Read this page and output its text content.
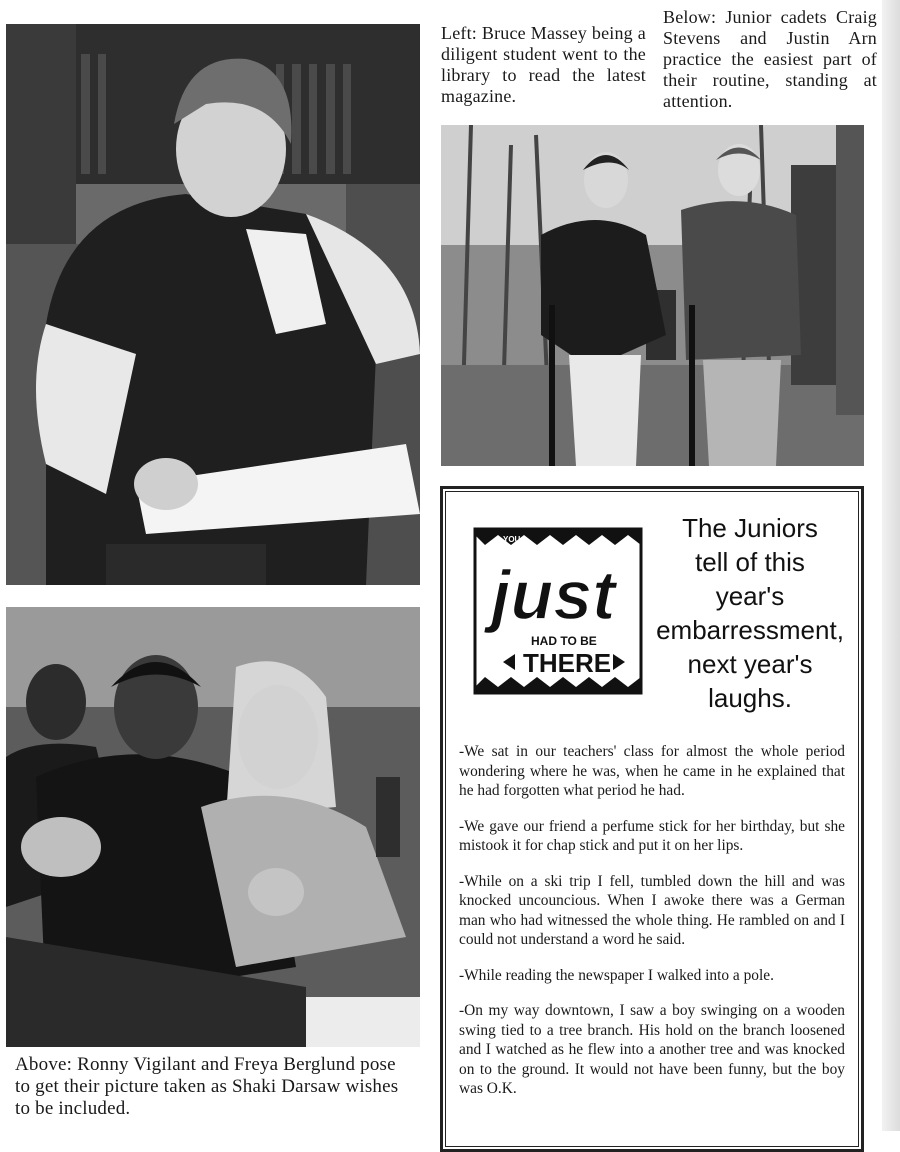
Left: Bruce Massey being a diligent student went to the library to read the latest magazine.
Below: Junior cadets Craig Stevens and Justin Arn practice the easiest part of their routine, standing at attention.
Above: Ronny Vigilant and Freya Berglund pose to get their picture taken as Shaki Darsaw wishes to be included.
YOU
just
HAD TO BE
THERE
The Juniors
tell of this
year's
embarressment,
next year's
laughs.

-We sat in our teachers' class for almost the whole period wondering where he was, when he came in he explained that he had forgotten what period he had.

-We gave our friend a perfume stick for her birthday, but she mistook it for chap stick and put it on her lips.

-While on a ski trip I fell, tumbled down the hill and was knocked uncouncious. When I awoke there was a German man who had witnessed the whole thing. He rambled on and I could not understand a word he said.

-While reading the newspaper I walked into a pole.

-On my way downtown, I saw a boy swinging on a wooden swing tied to a tree branch. His hold on the branch loosened and I watched as he flew into a another tree and was knocked on to the ground. It would not have been funny, but the boy was O.K.
